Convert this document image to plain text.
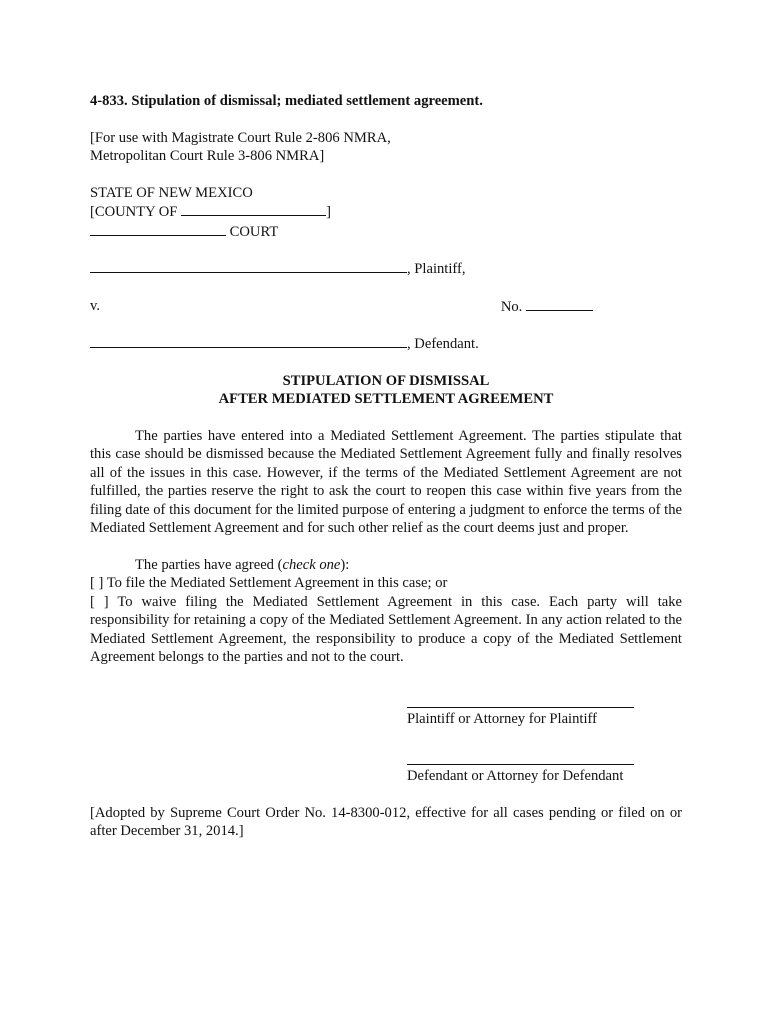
4-833. Stipulation of dismissal; mediated settlement agreement.
[For use with Magistrate Court Rule 2-806 NMRA,
Metropolitan Court Rule 3-806 NMRA]
STATE OF NEW MEXICO
[COUNTY OF	]
COURT
, Plaintiff,
v.	No.
, Defendant.
STIPULATION OF DISMISSAL
AFTER MEDIATED SETTLEMENT AGREEMENT
The parties have entered into a Mediated Settlement Agreement. The parties stipulate that this case should be dismissed because the Mediated Settlement Agreement fully and finally resolves all of the issues in this case. However, if the terms of the Mediated Settlement Agreement are not fulfilled, the parties reserve the right to ask the court to reopen this case within five years from the filing date of this document for the limited purpose of entering a judgment to enforce the terms of the Mediated Settlement Agreement and for such other relief as the court deems just and proper.
The parties have agreed (check one):
[ ] To file the Mediated Settlement Agreement in this case; or
[ ] To waive filing the Mediated Settlement Agreement in this case. Each party will take responsibility for retaining a copy of the Mediated Settlement Agreement. In any action related to the Mediated Settlement Agreement, the responsibility to produce a copy of the Mediated Settlement Agreement belongs to the parties and not to the court.
Plaintiff or Attorney for Plaintiff
Defendant or Attorney for Defendant
[Adopted by Supreme Court Order No. 14-8300-012, effective for all cases pending or filed on or after December 31, 2014.]
